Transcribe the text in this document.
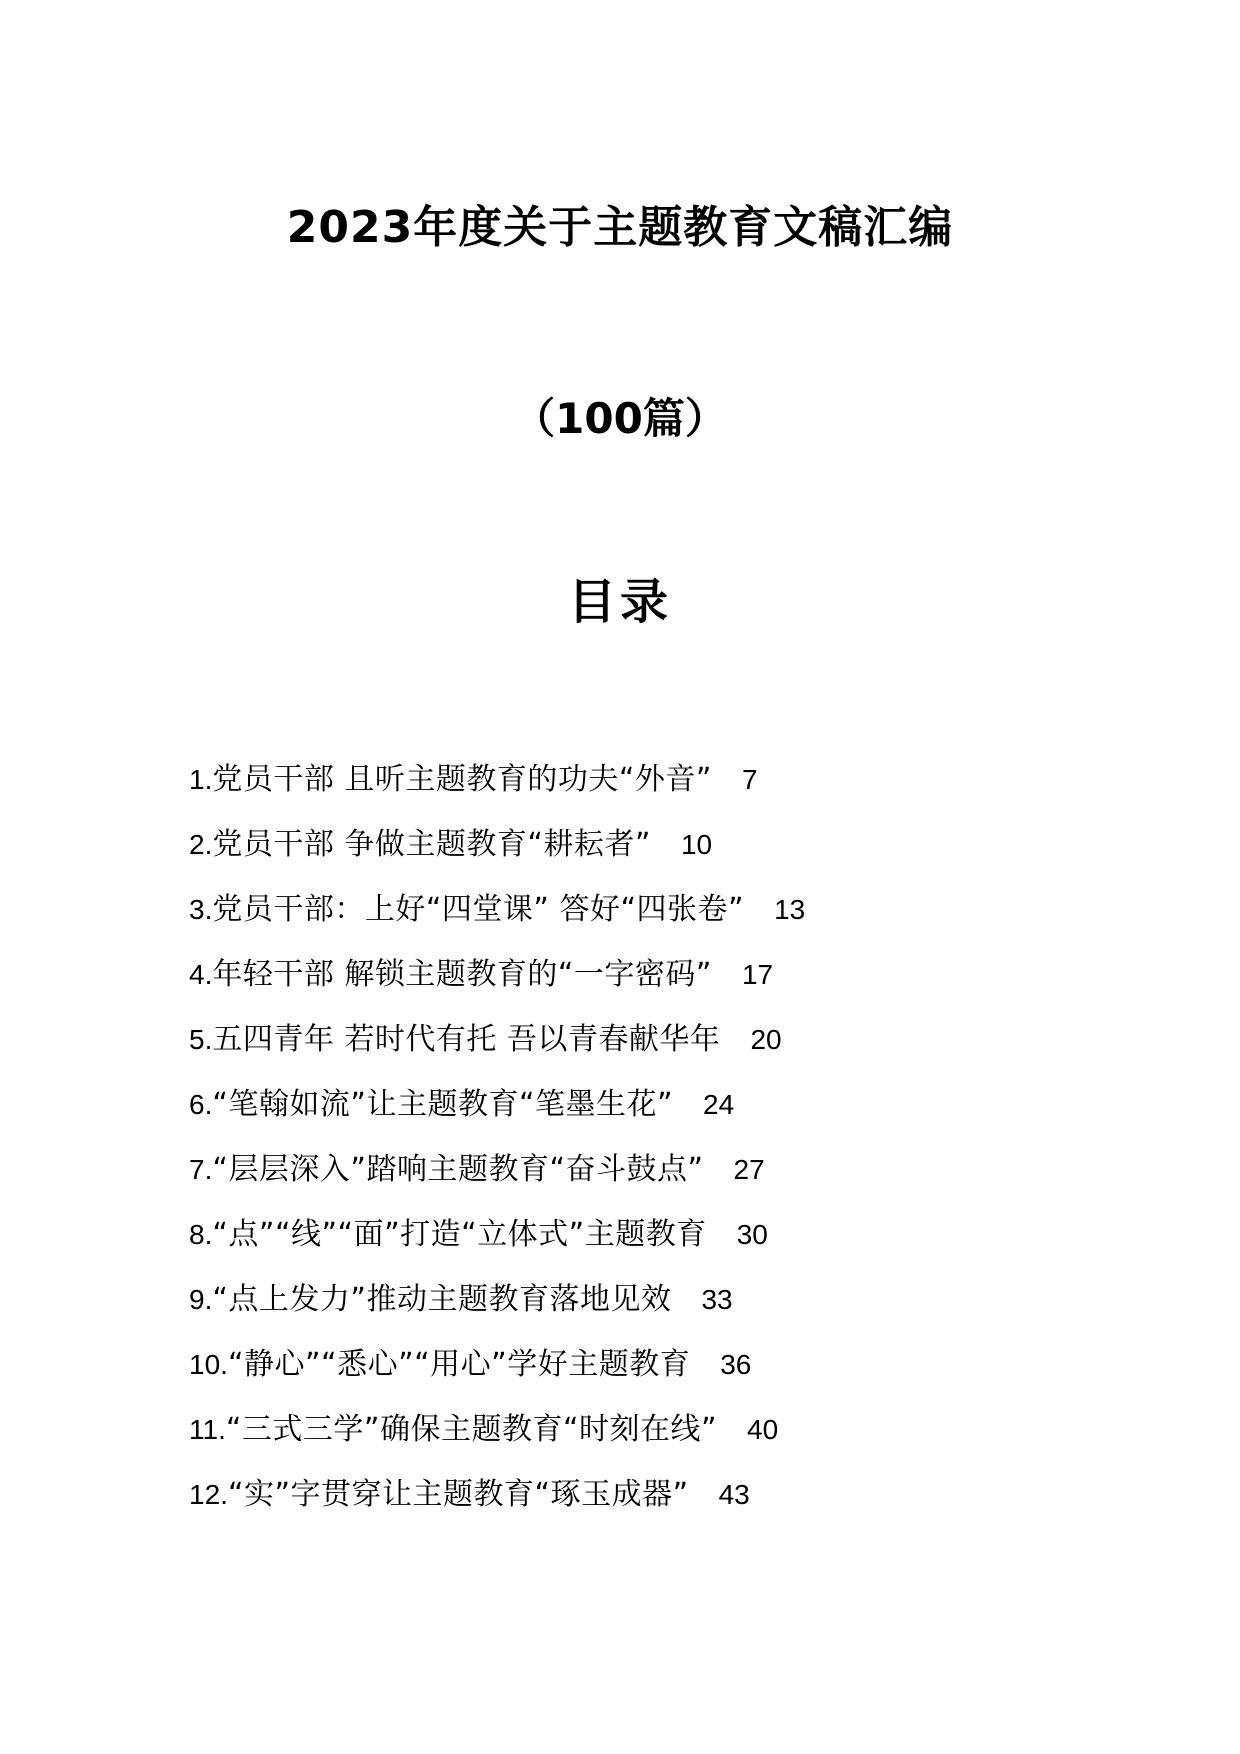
2023年度关于主题教育文稿汇编
（100篇）
目录
1. 党员干部 且听主题教育的功夫“外音” 7
2. 党员干部 争做主题教育“耕耘者” 10
3. 党员干部：上好“四堂课” 答好“四张卷” 13
4. 年轻干部 解锁主题教育的“一字密码” 17
5. 五四青年 若时代有托 吾以青春献华年 20
6. “笔翰如流”让主题教育“笔墨生花” 24
7. “层层深入”踏响主题教育“奋斗鼓点” 27
8. “点”“线”“面”打造“立体式”主题教育 30
9. “点上发力”推动主题教育落地见效 33
10. “静心”“悉心”“用心”学好主题教育 36
11. “三式三学”确保主题教育“时刻在线” 40
12. “实”字贯穿让主题教育“琢玉成器” 43
